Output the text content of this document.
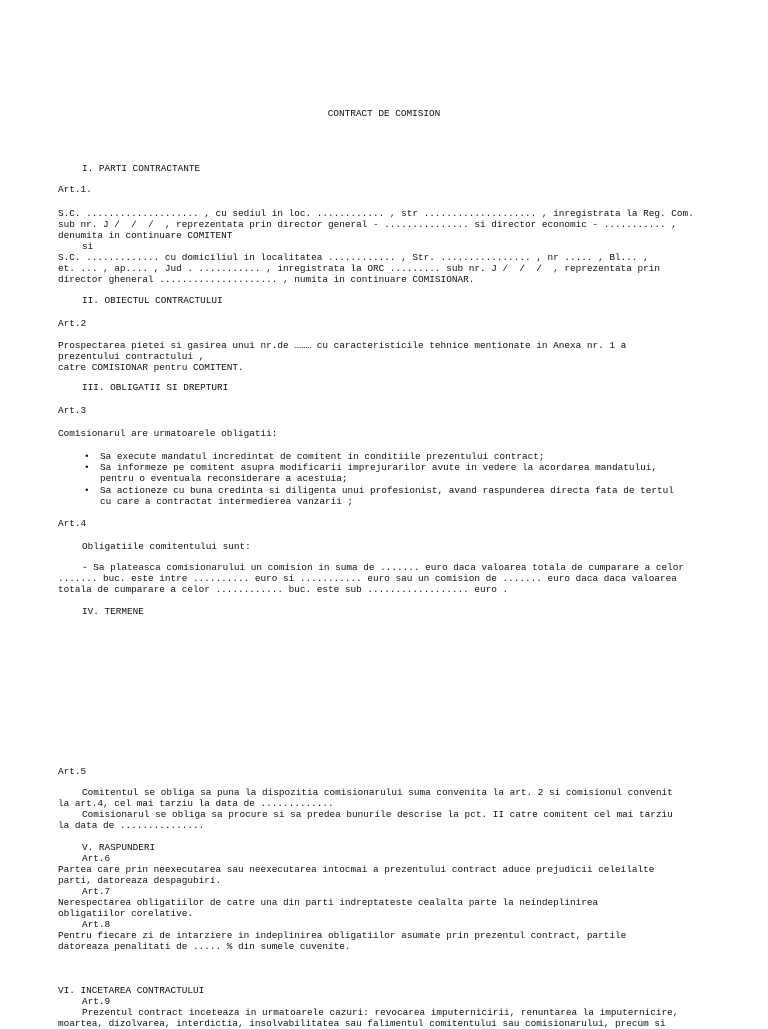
CONTRACT DE COMISION
I. PARTI CONTRACTANTE
Art.1.
S.C. .................... , cu sediul in loc. ............ , str .................... , inregistrata la Reg. Com.
sub nr. J /  /  /  , reprezentata prin director general - ............... si director economic - ........... ,
denumita in continuare COMITENT
si
S.C. ............. cu domiciliul in localitatea ............ , Str. ................ , nr ..... , Bl... ,
et. ... , ap.... , Jud . ........... , inregistrata la ORC ......... sub nr. J /  /  /  , reprezentata prin
director gheneral ..................... , numita in continuare COMISIONAR.
II. OBIECTUL CONTRACTULUI
Art.2
Prospectarea pietei si gasirea unui nr.de ……… cu caracteristicile tehnice mentionate in Anexa nr. 1 a
prezentului contractului ,
catre COMISIONAR pentru COMITENT.
III. OBLIGATII SI DREPTURI
Art.3
Comisionarul are urmatoarele obligatii:
• Sa execute mandatul incredintat de comitent in conditiile prezentului contract;
• Sa informeze pe comitent asupra modificarii imprejurarilor avute in vedere la acordarea mandatului,
pentru o eventuala reconsiderare a acestuia;
• Sa actioneze cu buna credinta si diligenta unui profesionist, avand raspunderea directa fata de tertul
cu care a contractat intermedierea vanzarii ;
Art.4
Obligatiile comitentului sunt:
- Sa plateasca comisionarului un comision in suma de ....... euro daca valoarea totala de cumparare a celor
....... buc. este intre .......... euro si ........... euro sau un comision de ....... euro daca daca valoarea
totala de cumparare a celor ............ buc. este sub .................. euro .
IV. TERMENE
Art.5
Comitentul se obliga sa puna la dispozitia comisionarului suma convenita la art. 2 si comisionul convenit
la art.4, cel mai tarziu la data de .............
Comisionarul se obliga sa procure si sa predea bunurile descrise la pct. II catre comitent cel mai tarziu
la data de ...............
V. RASPUNDERI
Art.6
Partea care prin neexecutarea sau neexecutarea intocmai a prezentului contract aduce prejudicii celeilalte
parti, datoreaza despagubiri.
Art.7
Nerespectarea obligatiilor de catre una din parti indreptateste cealalta parte la neindeplinirea
obligatiilor corelative.
Art.8
Pentru fiecare zi de intarziere in indeplinirea obligatiilor asumate prin prezentul contract, partile
datoreaza penalitati de ..... % din sumele cuvenite.
VI. INCETAREA CONTRACTULUI
Art.9
Prezentul contract inceteaza in urmatoarele cazuri: revocarea imputernicirii, renuntarea la imputernicire,
moartea, dizolvarea, interdictia, insolvabilitatea sau falimentul comitentului sau comisionarului, precum si
